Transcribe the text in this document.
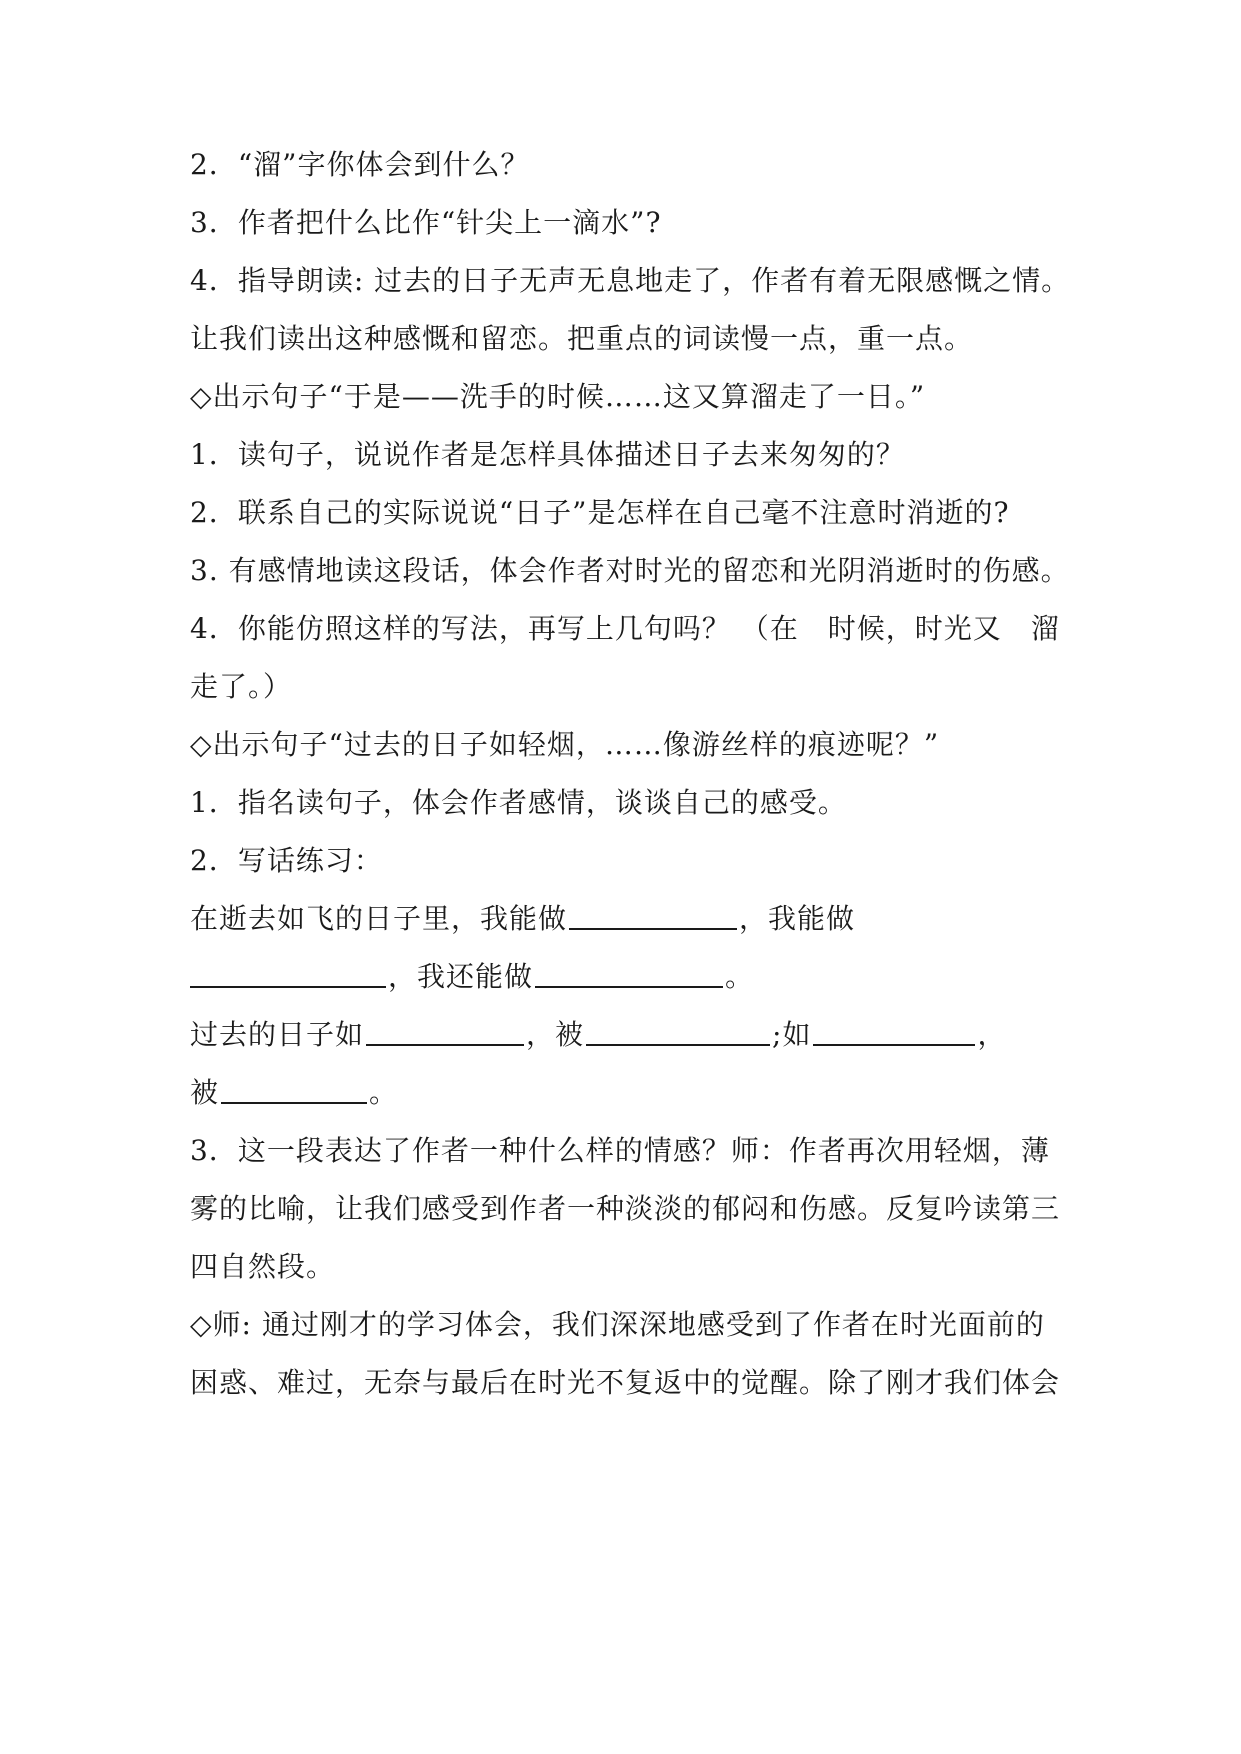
2．“溜”字你体会到什么？
3．作者把什么比作“针尖上一滴水”?
4．指导朗读: 过去的日子无声无息地走了，作者有着无限感慨之情。
让我们读出这种感慨和留恋。把重点的词读慢一点，重一点。
◇出示句子“于是——洗手的时候……这又算溜走了一日。”
1．读句子，说说作者是怎样具体描述日子去来匆匆的？
2．联系自己的实际说说“日子”是怎样在自己毫不注意时消逝的?
3. 有感情地读这段话，体会作者对时光的留恋和光阴消逝时的伤感。
4．你能仿照这样的写法，再写上几句吗？ （在　时候，时光又　溜
走了。）
◇出示句子“过去的日子如轻烟，……像游丝样的痕迹呢？”
1．指名读句子，体会作者感情，谈谈自己的感受。
2．写话练习：
在逝去如飞的日子里，我能做	，我能做
，我还能做	。
过去的日子如	，被	;如	，
被	。
3．这一段表达了作者一种什么样的情感？师：作者再次用轻烟，薄
雾的比喻，让我们感受到作者一种淡淡的郁闷和伤感。反复吟读第三
四自然段。
◇师: 通过刚才的学习体会，我们深深地感受到了作者在时光面前的
困惑、难过，无奈与最后在时光不复返中的觉醒。除了刚才我们体会
